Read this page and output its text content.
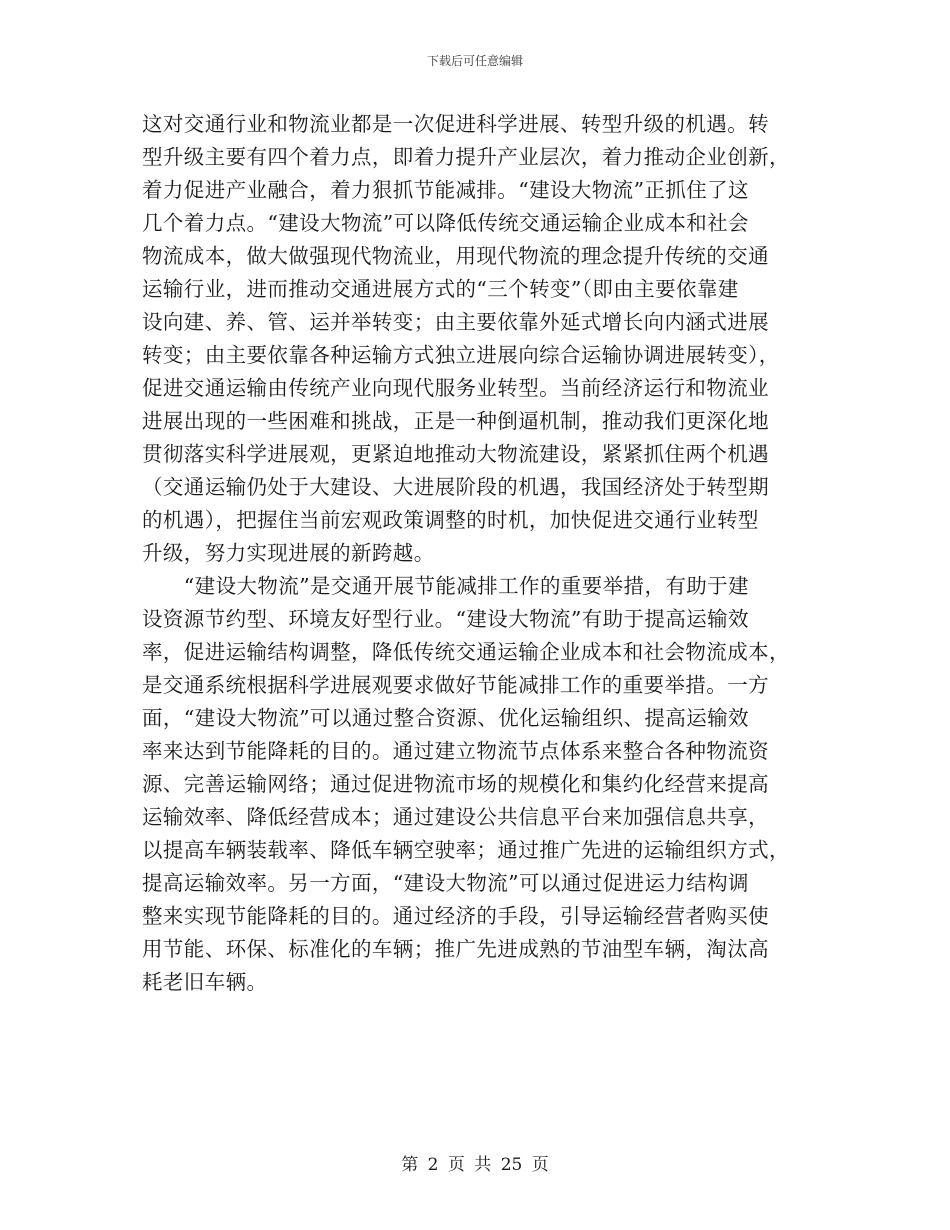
下载后可任意编辑
这对交通行业和物流业都是一次促进科学进展、转型升级的机遇。转
型升级主要有四个着力点，即着力提升产业层次，着力推动企业创新，
着力促进产业融合，着力狠抓节能减排。“建设大物流”正抓住了这
几个着力点。“建设大物流”可以降低传统交通运输企业成本和社会
物流成本，做大做强现代物流业，用现代物流的理念提升传统的交通
运输行业，进而推动交通进展方式的“三个转变”（即由主要依靠建
设向建、养、管、运并举转变；由主要依靠外延式增长向内涵式进展
转变；由主要依靠各种运输方式独立进展向综合运输协调进展转变），
促进交通运输由传统产业向现代服务业转型。当前经济运行和物流业
进展出现的一些困难和挑战，正是一种倒逼机制，推动我们更深化地
贯彻落实科学进展观，更紧迫地推动大物流建设，紧紧抓住两个机遇
（交通运输仍处于大建设、大进展阶段的机遇，我国经济处于转型期
的机遇），把握住当前宏观政策调整的时机，加快促进交通行业转型
升级，努力实现进展的新跨越。
　　“建设大物流”是交通开展节能减排工作的重要举措，有助于建
设资源节约型、环境友好型行业。“建设大物流”有助于提高运输效
率，促进运输结构调整，降低传统交通运输企业成本和社会物流成本，
是交通系统根据科学进展观要求做好节能减排工作的重要举措。一方
面，“建设大物流”可以通过整合资源、优化运输组织、提高运输效
率来达到节能降耗的目的。通过建立物流节点体系来整合各种物流资
源、完善运输网络；通过促进物流市场的规模化和集约化经营来提高
运输效率、降低经营成本；通过建设公共信息平台来加强信息共享，
以提高车辆装载率、降低车辆空驶率；通过推广先进的运输组织方式，
提高运输效率。另一方面，“建设大物流”可以通过促进运力结构调
整来实现节能降耗的目的。通过经济的手段，引导运输经营者购买使
用节能、环保、标准化的车辆；推广先进成熟的节油型车辆，淘汰高
耗老旧车辆。
第 2 页 共 25 页
